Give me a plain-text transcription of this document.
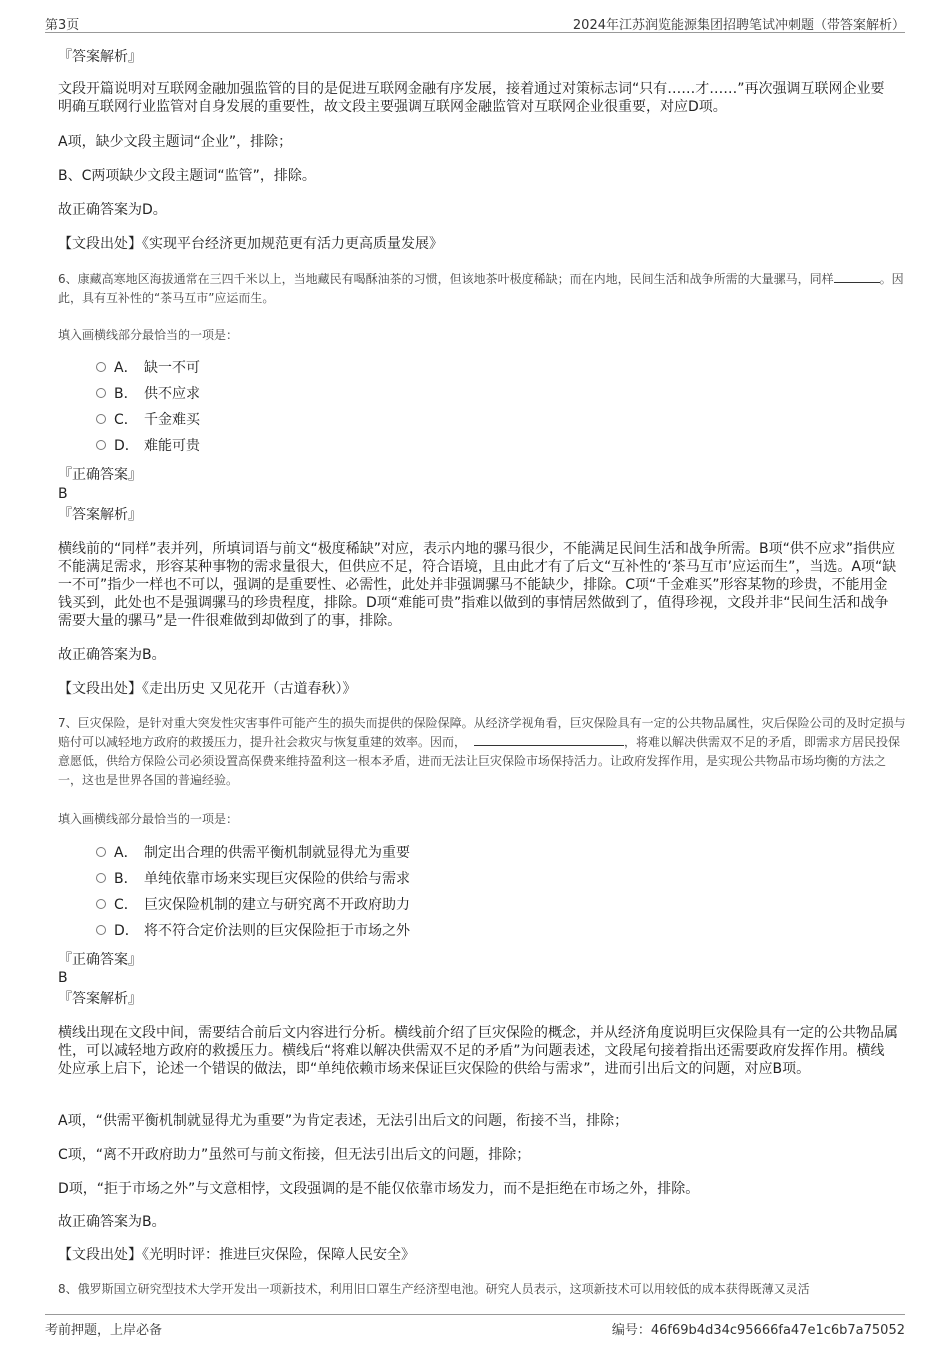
第3页	2024年江苏润览能源集团招聘笔试冲刺题（带答案解析）
『答案解析』
文段开篇说明对互联网金融加强监管的目的是促进互联网金融有序发展，接着通过对策标志词“只有……才……”再次强调互联网企业要明确互联网行业监管对自身发展的重要性，故文段主要强调互联网金融监管对互联网企业很重要，对应D项。
A项，缺少文段主题词“企业”，排除；
B、C两项缺少文段主题词“监管”，排除。
故正确答案为D。
【文段出处】《实现平台经济更加规范更有活力更高质量发展》
6、康藏高寒地区海拔通常在三四千米以上，当地藏民有喝酥油茶的习惯，但该地茶叶极度稀缺；而在内地，民间生活和战争所需的大量骡马，同样	。因此，具有互补性的“茶马互市”应运而生。
填入画横线部分最恰当的一项是：
A． 缺一不可
B． 供不应求
C． 千金难买
D． 难能可贵
『正确答案』
B
『答案解析』
横线前的“同样”表并列，所填词语与前文“极度稀缺”对应，表示内地的骡马很少，不能满足民间生活和战争所需。B项“供不应求”指供应不能满足需求，形容某种事物的需求量很大，但供应不足，符合语境，且由此才有了后文“互补性的‘茶马互市’应运而生”，当选。A项“缺一不可”指少一样也不可以，强调的是重要性、必需性，此处并非强调骡马不能缺少，排除。C项“千金难买”形容某物的珍贵，不能用金钱买到，此处也不是强调骡马的珍贵程度，排除。D项“难能可贵”指难以做到的事情居然做到了，值得珍视，文段并非“民间生活和战争需要大量的骡马”是一件很难做到却做到了的事，排除。
故正确答案为B。
【文段出处】《走出历史 又见花开（古道春秋）》
7、巨灾保险，是针对重大突发性灾害事件可能产生的损失而提供的保险保障。从经济学视角看，巨灾保险具有一定的公共物品属性，灾后保险公司的及时定损与赔付可以减轻地方政府的救援压力，提升社会救灾与恢复重建的效率。因而，	，将难以解决供需双不足的矛盾，即需求方居民投保意愿低，供给方保险公司必须设置高保费来维持盈利这一根本矛盾，进而无法让巨灾保险市场保持活力。让政府发挥作用，是实现公共物品市场均衡的方法之一，这也是世界各国的普遍经验。
填入画横线部分最恰当的一项是：
A． 制定出合理的供需平衡机制就显得尤为重要
B． 单纯依靠市场来实现巨灾保险的供给与需求
C． 巨灾保险机制的建立与研究离不开政府助力
D． 将不符合定价法则的巨灾保险拒于市场之外
『正确答案』
B
『答案解析』
横线出现在文段中间，需要结合前后文内容进行分析。横线前介绍了巨灾保险的概念，并从经济角度说明巨灾保险具有一定的公共物品属性，可以减轻地方政府的救援压力。横线后“将难以解决供需双不足的矛盾”为问题表述，文段尾句接着指出还需要政府发挥作用。横线处应承上启下，论述一个错误的做法，即“单纯依赖市场来保证巨灾保险的供给与需求”，进而引出后文的问题，对应B项。
A项，“供需平衡机制就显得尤为重要”为肯定表述，无法引出后文的问题，衔接不当，排除；
C项，“离不开政府助力”虽然可与前文衔接，但无法引出后文的问题，排除；
D项，“拒于市场之外”与文意相悖，文段强调的是不能仅依靠市场发力，而不是拒绝在市场之外，排除。
故正确答案为B。
【文段出处】《光明时评：推进巨灾保险，保障人民安全》
8、俄罗斯国立研究型技术大学开发出一项新技术，利用旧口罩生产经济型电池。研究人员表示，这项新技术可以用较低的成本获得既薄又灵活
考前押题，上岸必备	编号：46f69b4d34c95666fa47e1c6b7a75052
